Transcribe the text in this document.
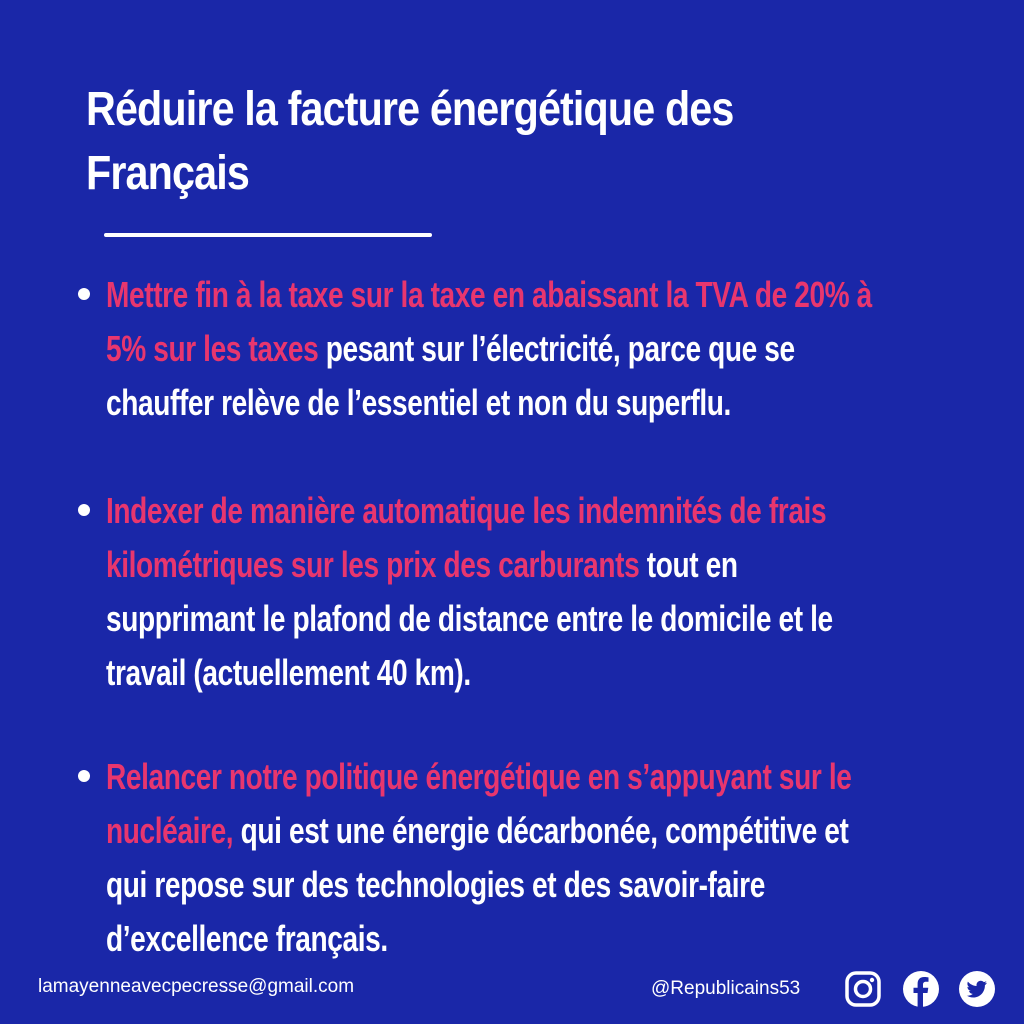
Réduire la facture énergétique des
Français
Mettre fin à la taxe sur la taxe en abaissant la TVA de 20% à 5% sur les taxes pesant sur l’électricité, parce que se chauffer relève de l’essentiel et non du superflu.
Indexer de manière automatique les indemnités de frais kilométriques sur les prix des carburants tout en supprimant le plafond de distance entre le domicile et le travail (actuellement 40 km).
Relancer notre politique énergétique en s’appuyant sur le nucléaire, qui est une énergie décarbonée, compétitive et qui repose sur des technologies et des savoir-faire d’excellence français.
lamayenneavecpecresse@gmail.com	@Republicains53
